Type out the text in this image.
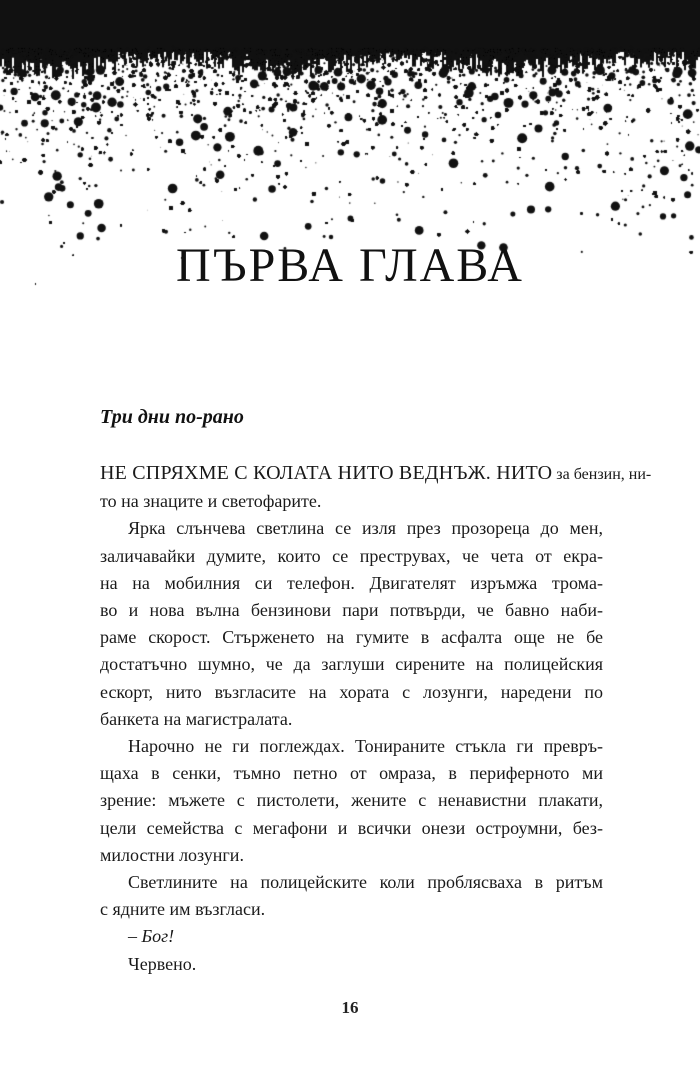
ПЪРВА ГЛАВА
Три дни по-рано

НЕ СПРЯХМЕ С КОЛАТА НИТО ВЕДНЪЖ. НИТО за бензин, ни-
то на знаците и светофарите.

Ярка слънчева светлина се изля през прозореца до мен,
заличавайки думите, които се преструвах, че чета от екра-
на на мобилния си телефон. Двигателят изръмжа тромa-
во и нова вълна бензинови пари потвърди, че бавно наби-
раме скорост. Стърженето на гумите в асфалта още не бе
достатъчно шумно, че да заглуши сирените на полицейския
ескорт, нито възгласите на хората с лозунги, наредени по
банкета на магистралата.

Нарочно не ги поглеждах. Тонираните стъкла ги превръ-
щаха в сенки, тъмно петно от омраза, в периферното ми
зрение: мъжете с пистолети, жените с ненавистни плакати,
цели семейства с мегафони и всички онези остроумни, без-
милостни лозунги.

Светлините на полицейските коли проблясваха в ритъм
с ядните им възгласи.

– Бог!

Червено.

16
